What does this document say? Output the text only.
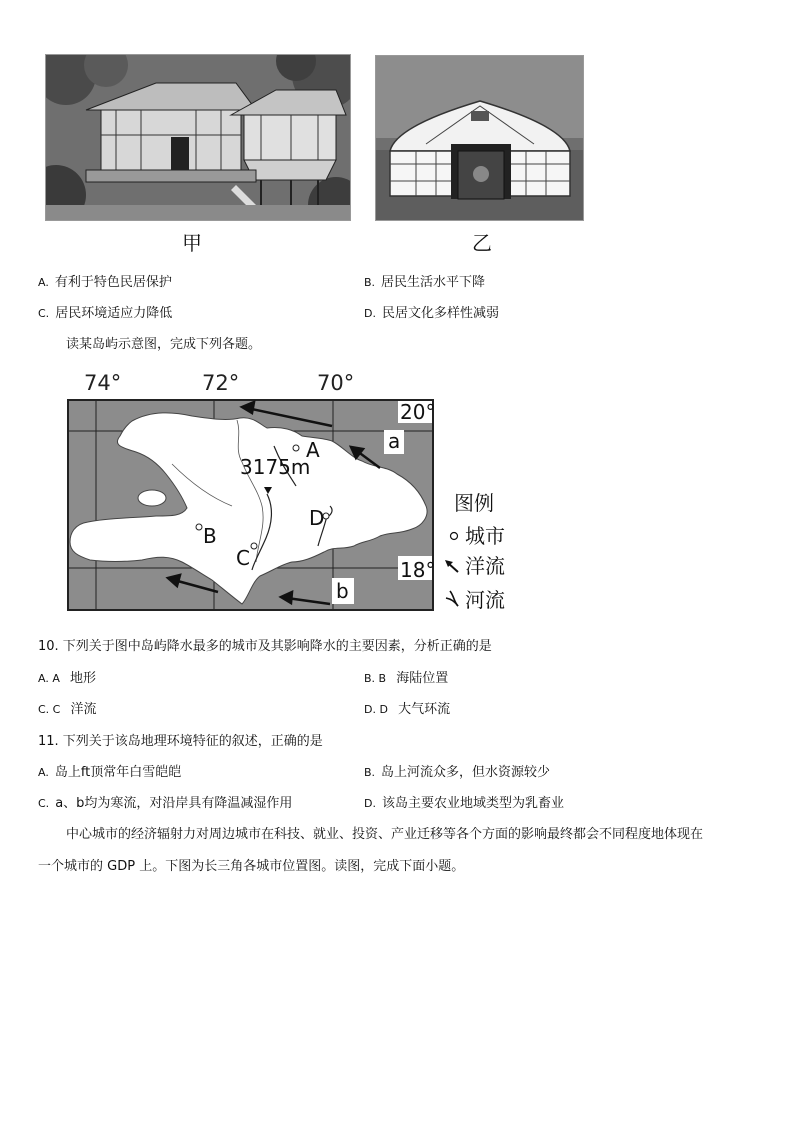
甲	乙
A. 有利于特色民居保护	B. 居民生活水平下降
C. 居民环境适应力降低	D. 民居文化多样性减弱
读某岛屿示意图，完成下列各题。
74°	72°	70°
3175m
A
B
C
D
20°
18°
a
b
图例
城市
洋流
河流
10. 下列关于图中岛屿降水最多的城市及其影响降水的主要因素，分析正确的是
A. A 地形	B. B 海陆位置
C. C 洋流	D. D 大气环流
11. 下列关于该岛地理环境特征的叙述，正确的是
A. 岛上ft顶常年白雪皑皑	B. 岛上河流众多，但水资源较少
C. a、b均为寒流，对沿岸具有降温减湿作用	D. 该岛主要农业地域类型为乳畜业
中心城市的经济辐射力对周边城市在科技、就业、投资、产业迁移等各个方面的影响最终都会不同程度地体现在
一个城市的 GDP 上。下图为长三角各城市位置图。读图，完成下面小题。
